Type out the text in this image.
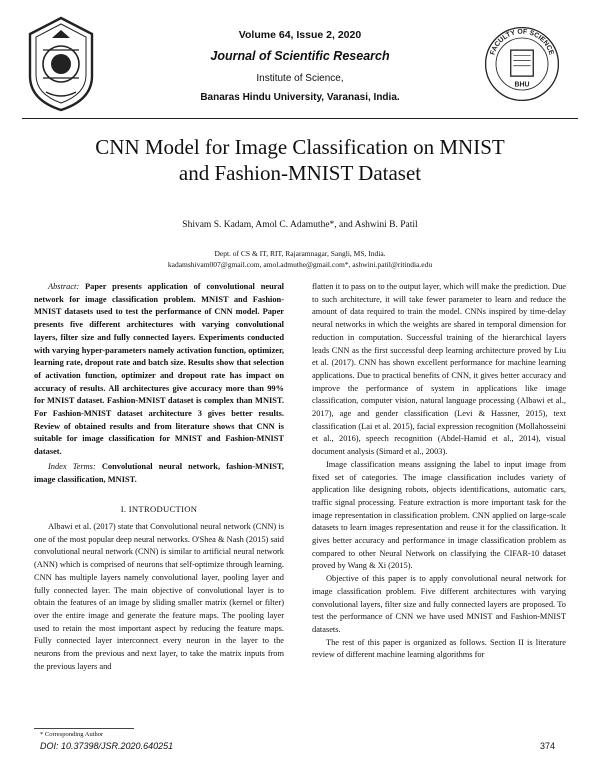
FACULTY OF SCIENCE
BHU
Volume 64, Issue 2, 2020
Journal of Scientific Research
Institute of Science,
Banaras Hindu University, Varanasi, India.
CNN Model for Image Classification on MNIST
and Fashion-MNIST Dataset
Shivam S. Kadam, Amol C. Adamuthe*, and Ashwini B. Patil
Dept. of CS & IT, RIT, Rajaramnagar, Sangli, MS, India.
kadamshivam007@gmail.com, amol.admuthe@gmail.com*, ashwini.patil@ritindia.edu

Abstract: Paper presents application of convolutional neural network for image classification problem. MNIST and Fashion-MNIST datasets used to test the performance of CNN model. Paper presents five different architectures with varying convolutional layers, filter size and fully connected layers. Experiments conducted with varying hyper-parameters namely activation function, optimizer, learning rate, dropout rate and batch size. Results show that selection of activation function, optimizer and dropout rate has impact on accuracy of results. All architectures give accuracy more than 99% for MNIST dataset. Fashion-MNIST dataset is complex than MNIST. For Fashion-MNIST dataset architecture 3 gives better results. Review of obtained results and from literature shows that CNN is suitable for image classification for MNIST and Fashion-MNIST dataset.

Index Terms: Convolutional neural network, fashion-MNIST, image classification, MNIST.

I. INTRODUCTION

Albawi et al. (2017) state that Convolutional neural network (CNN) is one of the most popular deep neural networks. O'Shea & Nash (2015) said convolutional neural network (CNN) is similar to artificial neural network (ANN) which is comprised of neurons that self-optimize through learning. CNN has multiple layers namely convolutional layer, pooling layer and fully connected layer. The main objective of convolutional layer is to obtain the features of an image by sliding smaller matrix (kernel or filter) over the entire image and generate the feature maps. The pooling layer used to retain the most important aspect by reducing the feature maps. Fully connected layer interconnect every neuron in the layer to the neurons from the previous and next layer, to take the matrix inputs from the previous layers and

flatten it to pass on to the output layer, which will make the prediction. Due to such architecture, it will take fewer parameter to learn and reduce the amount of data required to train the model. CNNs inspired by time-delay neural networks in which the weights are shared in temporal dimension for reduction in computation. Successful training of the hierarchical layers leads CNN as the first successful deep learning architecture proved by Liu et al. (2017). CNN has shown excellent performance for machine learning applications. Due to practical benefits of CNN, it gives better accuracy and improve the performance of system in applications like image classification, computer vision, natural language processing (Albawi et al., 2017), age and gender classification (Levi & Hassner, 2015), text classification (Lai et al. 2015), facial expression recognition (Mollahosseini et al., 2016), speech recognition (Abdel-Hamid et al., 2014), visual document analysis (Simard et al., 2003).

Image classification means assigning the label to input image from fixed set of categories. The image classification includes variety of application like designing robots, objects identifications, automatic cars, traffic signal processing. Feature extraction is more important task for the image representation in classification problem. CNN applied on large-scale datasets to learn images representation and reuse it for the classification. It gives better accuracy and performance in image classification problem as compared to other Neural Network on classifying the CIFAR-10 dataset proved by Wang & Xi (2015).

Objective of this paper is to apply convolutional neural network for image classification problem. Five different architectures with varying convolutional layers, filter size and fully connected layers are proposed. To test the performance of CNN we have used MNIST and Fashion-MNIST datasets.

The rest of this paper is organized as follows. Section II is literature review of different machine learning algorithms for

* Corresponding Author
DOI: 10.37398/JSR.2020.640251	374
